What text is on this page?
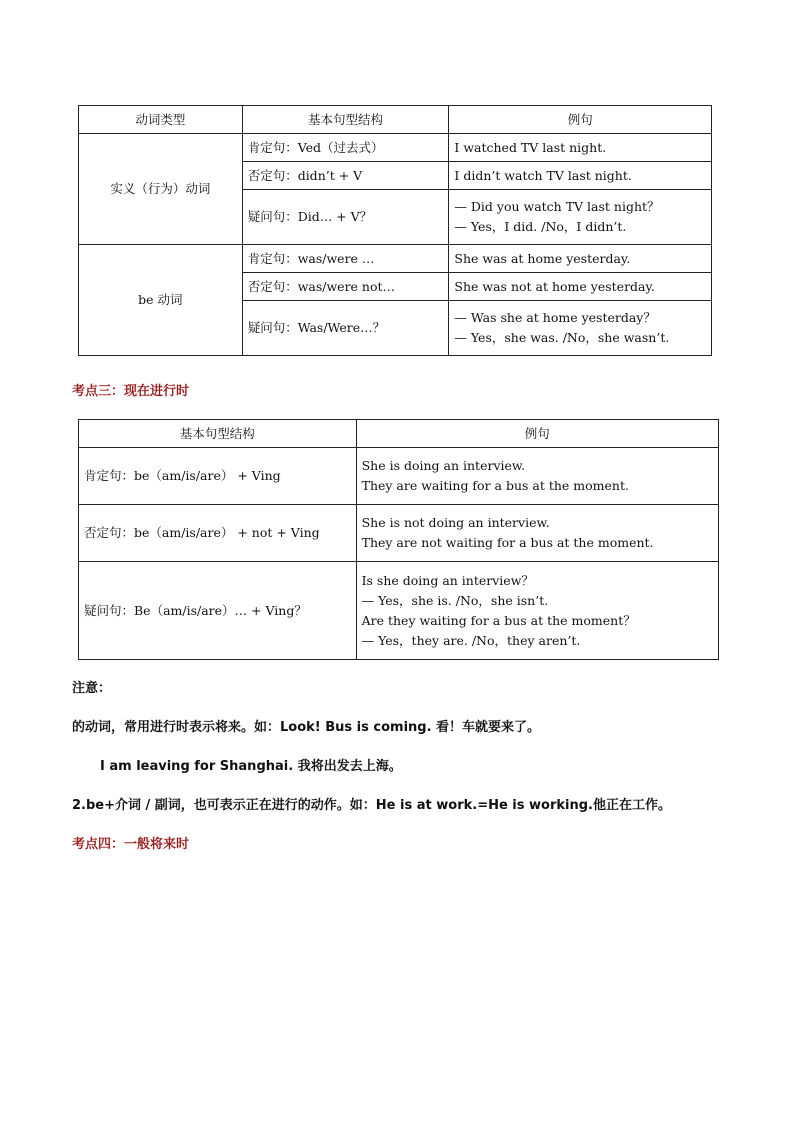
动词类型	基本句型结构	例句
实义（行为）动词	肯定句：Ved（过去式）	I watched TV last night.

	否定句：didn’t + V	I didn’t watch TV last night.

	疑问句：Did… + V？	— Did you watch TV last night？
— Yes，I did. /No，I didn’t.

be 动词	肯定句：was/were …	She was at home yesterday.

	否定句：was/were not…	She was not at home yesterday.

	疑问句：Was/Were…？	— Was she at home yesterday？
— Yes，she was. /No，she wasn’t.
考点三：现在进行时
基本句型结构	例句
肯定句：be（am/is/are） + Ving	She is doing an interview.
They are waiting for a bus at the moment.

否定句：be（am/is/are） + not + Ving	She is not doing an interview.
They are not waiting for a bus at the moment.

疑问句：Be（am/is/are）… + Ving？	Is she doing an interview？
— Yes，she is. /No，she isn’t.
Are they waiting for a bus at the moment？
— Yes，they are. /No，they aren’t.
注意：
的动词，常用进行时表示将来。如：Look! Bus is coming. 看！车就要来了。
I am leaving for Shanghai. 我将出发去上海。
2.be+介词 / 副词，也可表示正在进行的动作。如：He is at work.=He is working.他正在工作。
考点四：一般将来时
